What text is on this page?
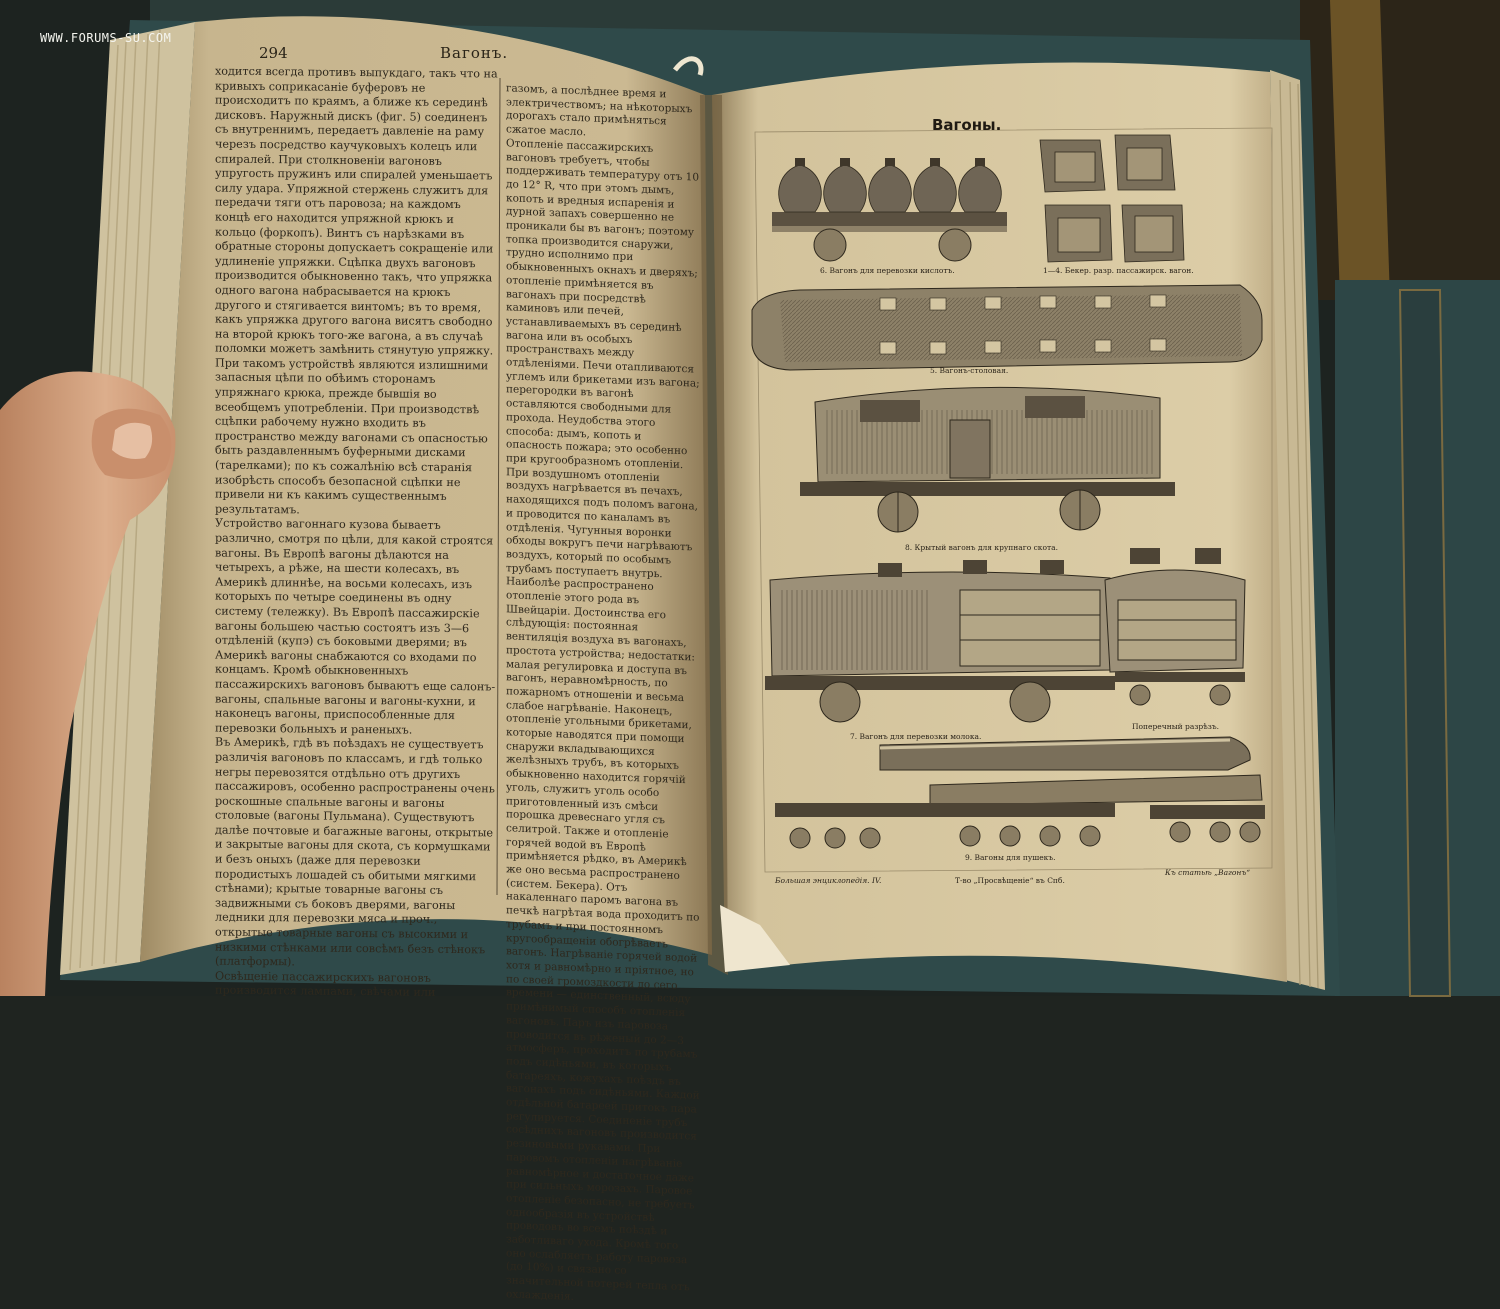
WWW.FORUMS-SU.COM
294	Вагонъ.
ходится всегда противъ выпукдаго, такъ что на кривыхъ соприкасаніе буферовъ не происходитъ по краямъ, а ближе къ серединѣ дисковъ. Наружный дискъ (фиг. 5) соединенъ съ внутреннимъ, передаетъ давленіе на раму черезъ посредство каучуковыхъ колецъ или спиралей. При столкновеніи вагоновъ упругость пружинъ или спиралей уменьшаетъ силу удара. Упряжной стержень служитъ для передачи тяги отъ паровоза; на каждомъ концѣ его находится упряжной крюкъ и кольцо (форкопъ). Винтъ съ нарѣзками въ обратные стороны допускаетъ сокращеніе или удлиненіе упряжки. Сцѣпка двухъ вагоновъ производится обыкновенно такъ, что упряжка одного вагона набрасывается на крюкъ другого и стягивается винтомъ; въ то время, какъ упряжка другого вагона висятъ свободно на второй крюкъ того-же вагона, а въ случаѣ поломки можетъ замѣнить стянутую упряжку. При такомъ устройствѣ являются излишними запасныя цѣпи по обѣимъ сторонамъ упряжнаго крюка, прежде бывшія во всеобщемъ употребленіи. При производствѣ сцѣпки рабочему нужно входить въ пространство между вагонами съ опасностью быть раздавленнымъ буферными дисками (тарелками); по къ сожалѣнію всѣ старанія изобрѣсть способъ безопасной сцѣпки не привели ни къ какимъ существеннымъ результатамъ.
Устройство вагоннаго кузова бываетъ различно, смотря по цѣли, для какой строятся вагоны. Въ Европѣ вагоны дѣлаются на четырехъ, а рѣже, на шести колесахъ, въ Америкѣ длиннѣе, на восьми колесахъ, изъ которыхъ по четыре соединены въ одну систему (тележку). Въ Европѣ пассажирскіе вагоны большею частью состоятъ изъ 3—6 отдѣленій (купэ) съ боковыми дверями; въ Америкѣ вагоны снабжаются со входами по концамъ. Кромѣ обыкновенныхъ пассажирскихъ вагоновъ бываютъ еще салонъ-вагоны, спальные вагоны и вагоны-кухни, и наконецъ вагоны, приспособленные для перевозки больныхъ и раненыхъ.
Въ Америкѣ, гдѣ въ поѣздахъ не существуетъ различія вагоновъ по классамъ, и гдѣ только негры перевозятся отдѣльно отъ другихъ пассажировъ, особенно распространены очень роскошные спальные вагоны и вагоны столовые (вагоны Пульмана). Существуютъ далѣе почтовые и багажные вагоны, открытые и закрытые вагоны для скота, съ кормушками и безъ оныхъ (даже для перевозки породистыхъ лошадей съ обитыми мягкими стѣнами); крытые товарные вагоны съ задвижными съ боковъ дверями, вагоны ледники для перевозки мяса и проч., открытые товарные вагоны съ высокими и низкими стѣнками или совсѣмъ безъ стѣнокъ (платформы).
Освѣщеніе пассажирскихъ вагоновъ производится лампами, свѣчами или
газомъ, а послѣднее время и электричествомъ; на нѣкоторыхъ дорогахъ стало примѣняться сжатое масло.
Отопленіе пассажирскихъ вагоновъ требуетъ, чтобы поддерживать температуру отъ 10 до 12° R, что при этомъ дымъ, копоть и вредныя испаренія и дурной запахъ совершенно не проникали бы въ вагонъ; поэтому топка производится снаружи, трудно исполнимо при обыкновенныхъ окнахъ и дверяхъ; отопленіе примѣняется въ вагонахъ при посредствѣ каминовъ или печей, устанавливаемыхъ въ серединѣ вагона или въ особыхъ пространствахъ между отдѣленіями. Печи отапливаются углемъ или брикетами изъ вагона; перегородки въ вагонѣ оставляются свободными для прохода. Неудобства этого способа: дымъ, копоть и опасность пожара; это особенно при кругообразномъ отопленіи. При воздушномъ отопленіи воздухъ нагрѣвается въ печахъ, находящихся подъ поломъ вагона, и проводится по каналамъ въ отдѣленія. Чугунныя воронки обходы вокругъ печи нагрѣваютъ воздухъ, который по особымъ трубамъ поступаетъ внутрь. Наиболѣе распространено отопленіе этого рода въ Швейцаріи. Достоинства его слѣдующія: постоянная вентиляція воздуха въ вагонахъ, простота устройства; недостатки: малая регулировка и доступа въ вагонъ, неравномѣрность, по пожарномъ отношеніи и весьма слабое нагрѣваніе. Наконецъ, отопленіе угольными брикетами, которые наводятся при помощи снаружи вкладывающихся желѣзныхъ трубъ, въ которыхъ обыкновенно находится горячій уголь, служитъ уголь особо приготовленный изъ смѣси порошка древеснаго угля съ селитрой. Также и отопленіе горячей водой въ Европѣ примѣняется рѣдко, въ Америкѣ же оно весьма распространено (систем. Бекера). Отъ накаленнаго паромъ вагона въ печкѣ нагрѣтая вода проходитъ по трубамъ и при постоянномъ кругообращеніи обогрѣваетъ вагонъ. Нагрѣваніе горячей водой хотя и равномѣрно и пріятное, но по своей громоздкости до сего времени — единственный, всюду примѣнимый способъ отопленія вагоновъ. Паръ изъ паровоза проводится въ рѣженый до 2—3 атмосферъ, проходитъ по трубамъ подъ сидѣньями, въ которыхъ батареяхъ, кожухахъ поѣздъ въ вагонахъ подъ сидѣньями. Каждой отдѣльной батареей притокъ пара регулируется. Соединеніе трубъ сосѣднихъ вагоновъ производится резиновыми рукавами. При паровомъ отопленіи нагрѣваніе равномѣрное и достаточное даже при сильныхъ морозахъ. Паровое отопленіе безопасно, не требуетъ однообразія въ устройствѣ проводовъ во всемъ поѣздѣ и заботливаго ухода. Кромѣ того оно ослабляетъ работу паровоза (до 10%) и связано со значительной потерей тепла отъ охлажденія.
Вагоны.
6. Вагонъ для перевозки кислотъ.	1—4. Бекер. разр. пассажирск. вагон.
5. Вагонъ-столовая.
8. Крытый вагонъ для крупнаго скота.
7. Вагонъ для перевозки молока.
Поперечный разрѣзъ.
9. Вагоны для пушекъ.
Большая энциклопедія. IV.	Т-во „Просвѣщеніе“ въ Спб.
Къ статьѣ „Вагонъ“
